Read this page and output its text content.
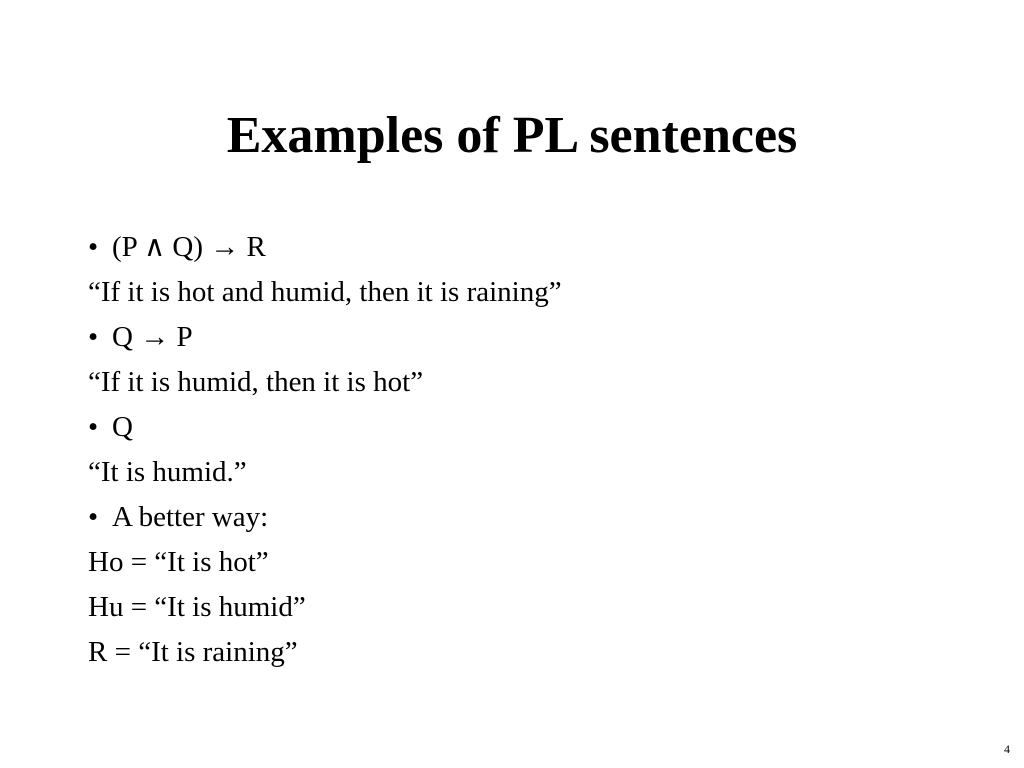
Examples of PL sentences
• (P ∧ Q) → R
“If it is hot and humid, then it is raining”
• Q → P
“If it is humid, then it is hot”
• Q
“It is humid.”
• A better way:
Ho = “It is hot”
Hu = “It is humid”
R = “It is raining”
4
